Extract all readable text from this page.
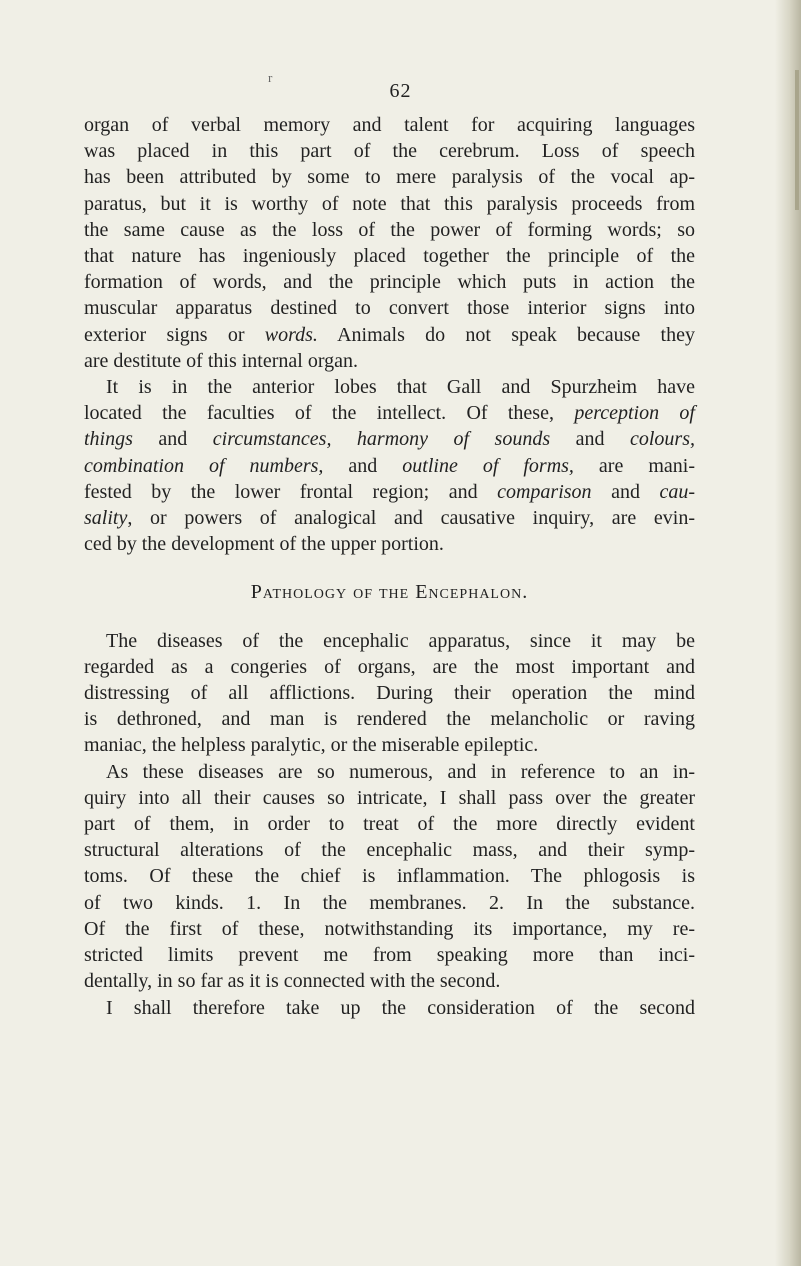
r
62
organ of verbal memory and talent for acquiring languages
was placed in this part of the cerebrum. Loss of speech
has been attributed by some to mere paralysis of the vocal ap-
paratus, but it is worthy of note that this paralysis proceeds from
the same cause as the loss of the power of forming words; so
that nature has ingeniously placed together the principle of the
formation of words, and the principle which puts in action the
muscular apparatus destined to convert those interior signs into
exterior signs or words. Animals do not speak because they
are destitute of this internal organ.
It is in the anterior lobes that Gall and Spurzheim have
located the faculties of the intellect. Of these, perception of
things and circumstances, harmony of sounds and colours,
combination of numbers, and outline of forms, are mani-
fested by the lower frontal region; and comparison and cau-
sality, or powers of analogical and causative inquiry, are evin-
ced by the development of the upper portion.
Pathology of the Encephalon.
The diseases of the encephalic apparatus, since it may be
regarded as a congeries of organs, are the most important and
distressing of all afflictions. During their operation the mind
is dethroned, and man is rendered the melancholic or raving
maniac, the helpless paralytic, or the miserable epileptic.
As these diseases are so numerous, and in reference to an in-
quiry into all their causes so intricate, I shall pass over the greater
part of them, in order to treat of the more directly evident
structural alterations of the encephalic mass, and their symp-
toms. Of these the chief is inflammation. The phlogosis is
of two kinds. 1. In the membranes. 2. In the substance.
Of the first of these, notwithstanding its importance, my re-
stricted limits prevent me from speaking more than inci-
dentally, in so far as it is connected with the second.
I shall therefore take up the consideration of the second
